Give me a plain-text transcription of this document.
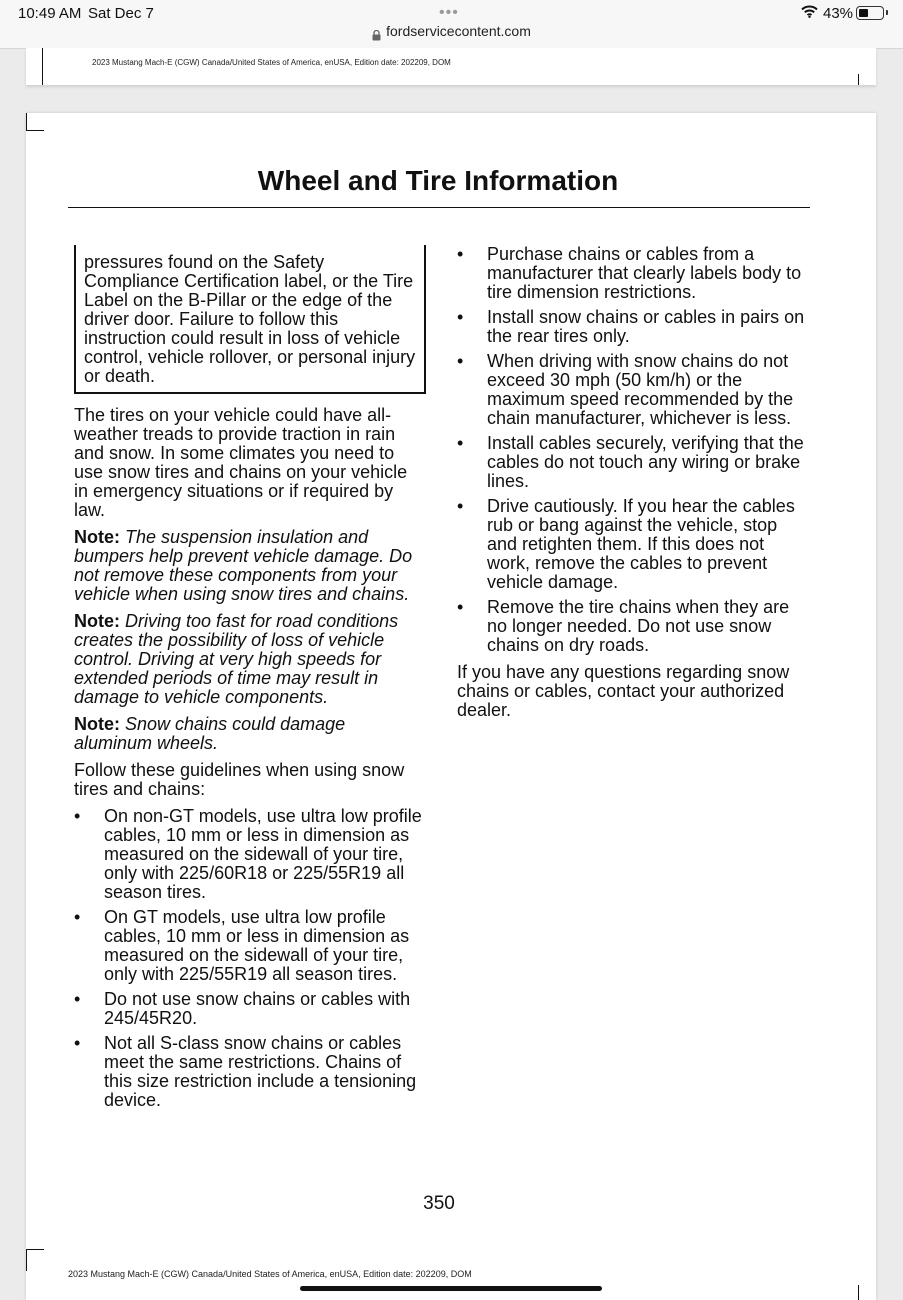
10:49 AM Sat Dec 7	•••
fordservicecontent.com
43%
2023 Mustang Mach-E (CGW) Canada/United States of America, enUSA, Edition date: 202209, DOM
Wheel and Tire Information
pressures found on the Safety Compliance Certification label, or the Tire Label on the B-Pillar or the edge of the driver door. Failure to follow this instruction could result in loss of vehicle control, vehicle rollover, or personal injury or death.

The tires on your vehicle could have all-weather treads to provide traction in rain and snow. In some climates you need to use snow tires and chains on your vehicle in emergency situations or if required by law.

Note: The suspension insulation and bumpers help prevent vehicle damage. Do not remove these components from your vehicle when using snow tires and chains.

Note: Driving too fast for road conditions creates the possibility of loss of vehicle control. Driving at very high speeds for extended periods of time may result in damage to vehicle components.

Note: Snow chains could damage aluminum wheels.

Follow these guidelines when using snow tires and chains:

• On non-GT models, use ultra low profile cables, 10 mm or less in dimension as measured on the sidewall of your tire, only with 225/60R18 or 225/55R19 all season tires.
• On GT models, use ultra low profile cables, 10 mm or less in dimension as measured on the sidewall of your tire, only with 225/55R19 all season tires.
• Do not use snow chains or cables with 245/45R20.
• Not all S-class snow chains or cables meet the same restrictions. Chains of this size restriction include a tensioning device.
• Purchase chains or cables from a manufacturer that clearly labels body to tire dimension restrictions.
• Install snow chains or cables in pairs on the rear tires only.
• When driving with snow chains do not exceed 30 mph (50 km/h) or the maximum speed recommended by the chain manufacturer, whichever is less.
• Install cables securely, verifying that the cables do not touch any wiring or brake lines.
• Drive cautiously. If you hear the cables rub or bang against the vehicle, stop and retighten them. If this does not work, remove the cables to prevent vehicle damage.
• Remove the tire chains when they are no longer needed. Do not use snow chains on dry roads.

If you have any questions regarding snow chains or cables, contact your authorized dealer.

350
2023 Mustang Mach-E (CGW) Canada/United States of America, enUSA, Edition date: 202209, DOM
